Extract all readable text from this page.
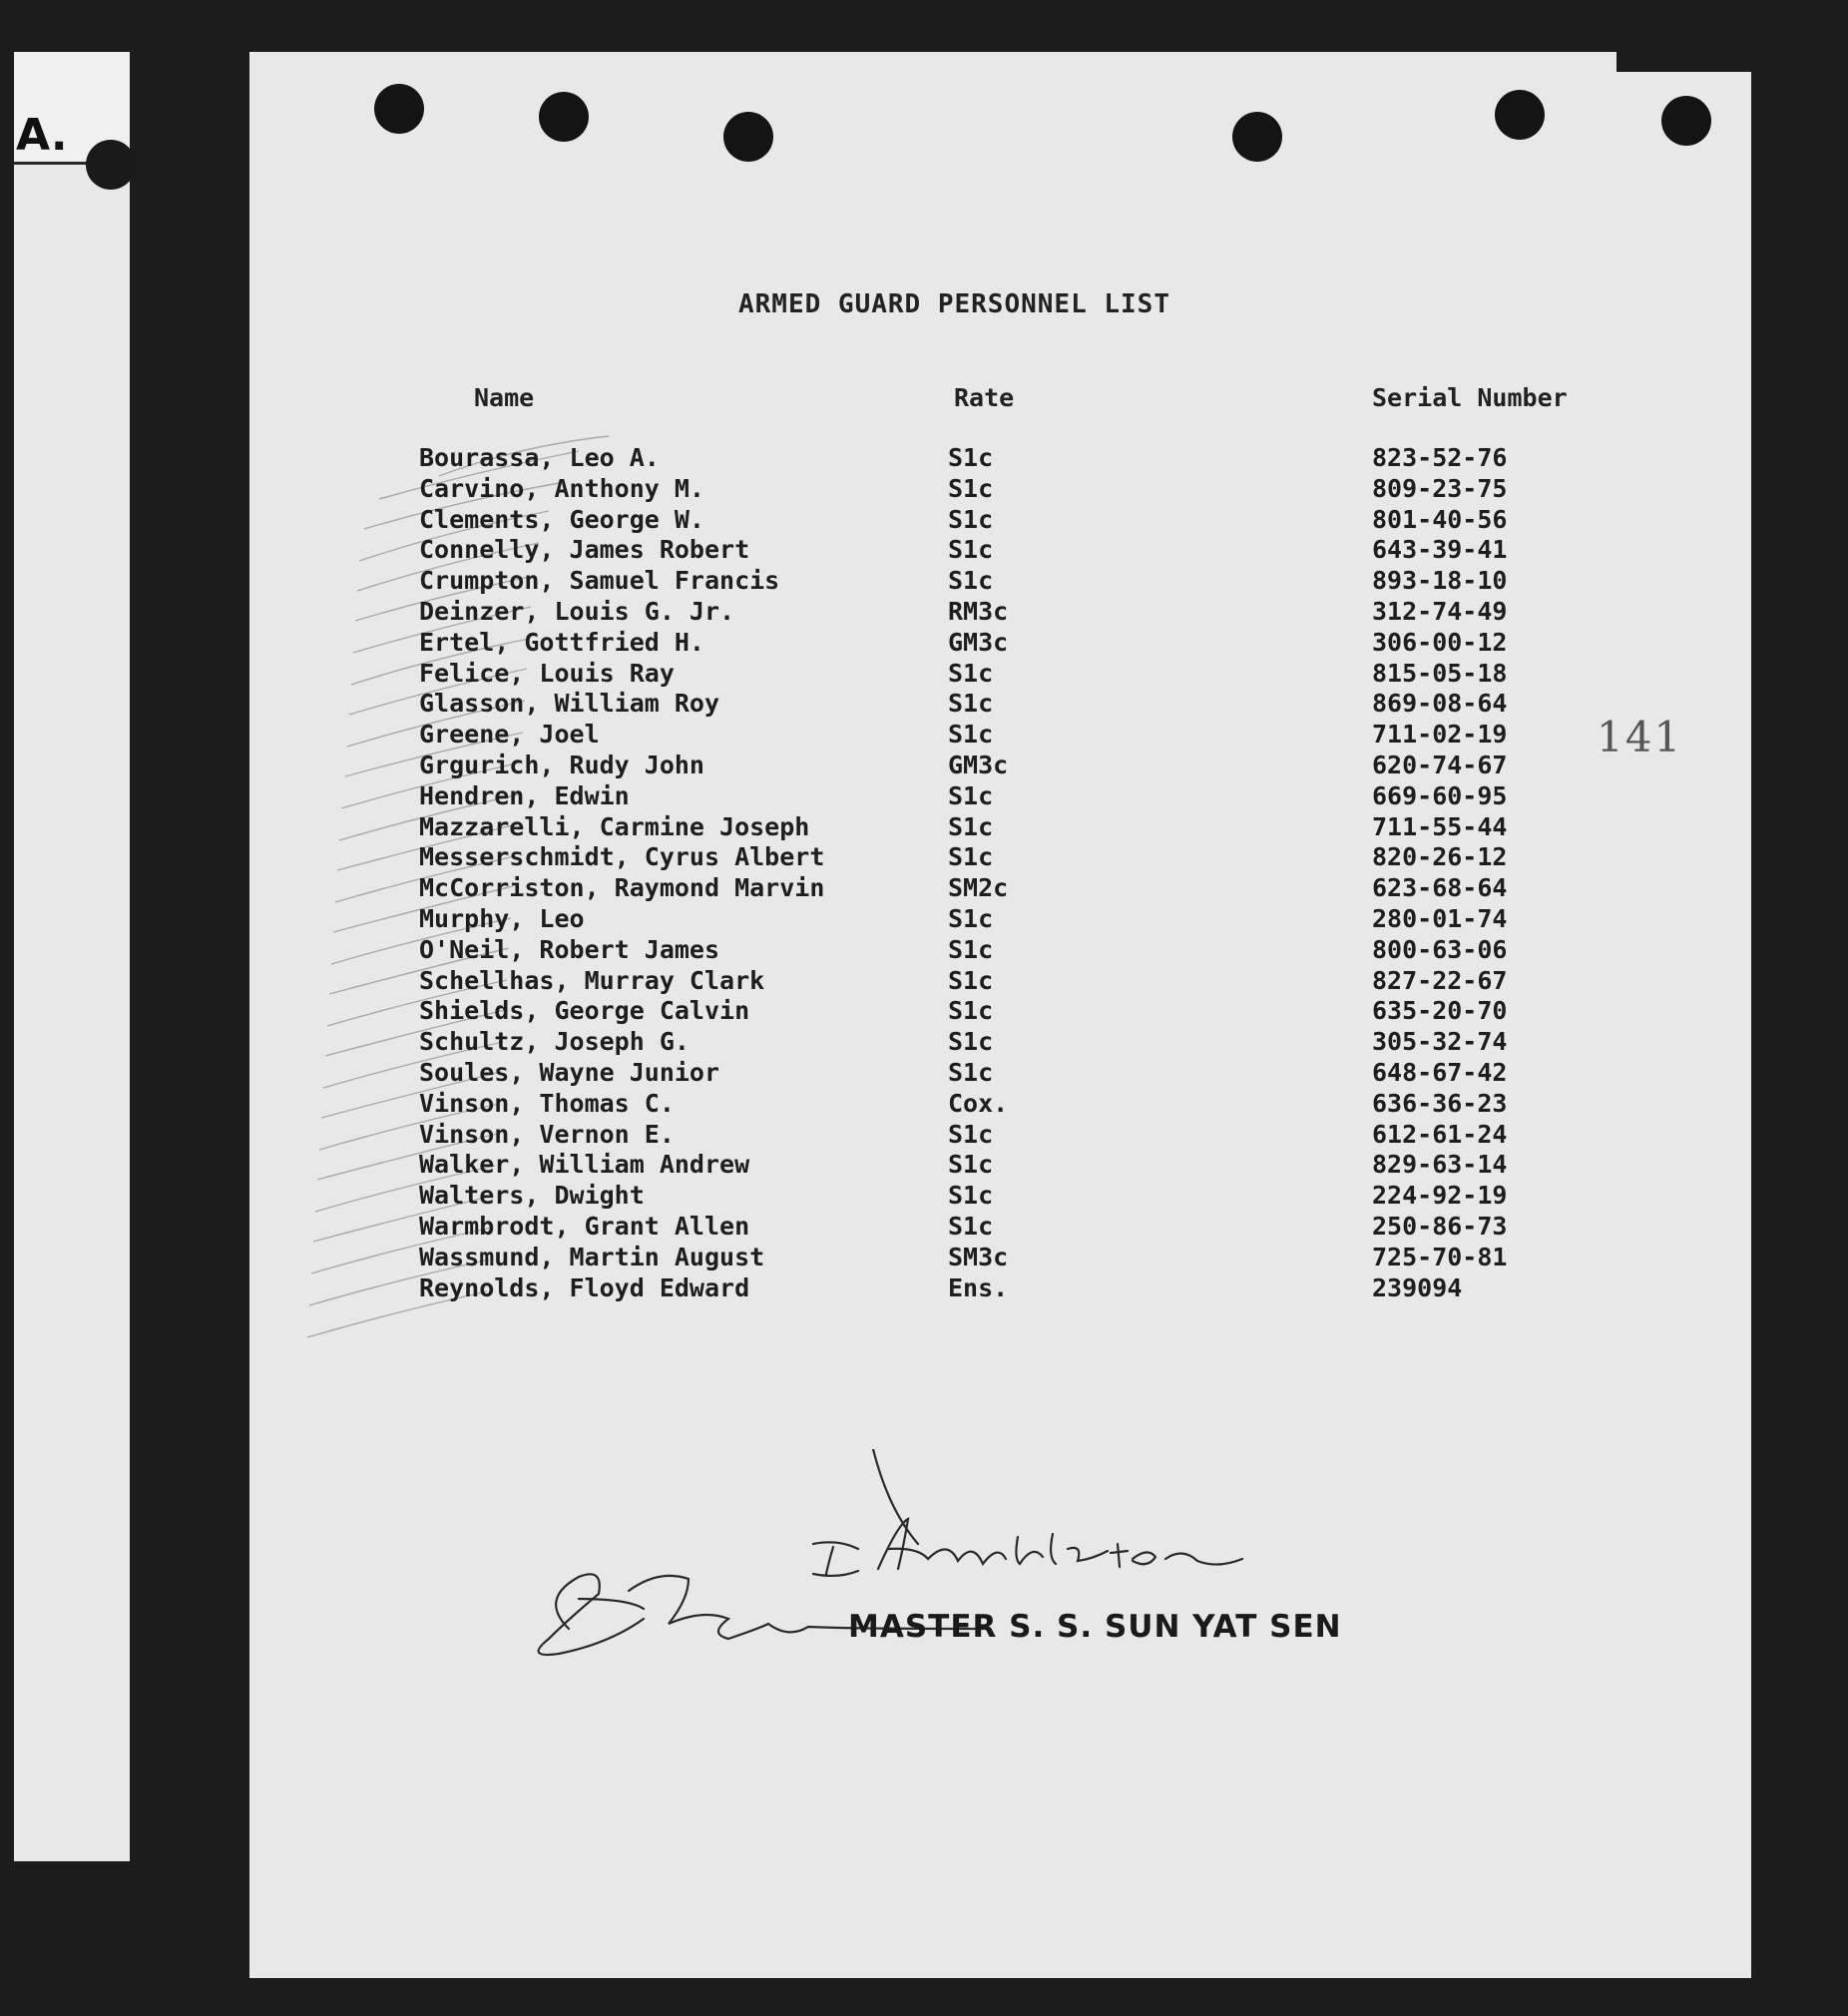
A.
ARMED GUARD PERSONNEL LIST
Name	Rate	Serial Number
Bourassa, Leo A.	S1c	823-52-76
Carvino, Anthony M.	S1c	809-23-75
Clements, George W.	S1c	801-40-56
Connelly, James Robert	S1c	643-39-41
Crumpton, Samuel Francis	S1c	893-18-10
Deinzer, Louis G. Jr.	RM3c	312-74-49
Ertel, Gottfried H.	GM3c	306-00-12
Felice, Louis Ray	S1c	815-05-18
Glasson, William Roy	S1c	869-08-64
Greene, Joel	S1c	711-02-19
Grgurich, Rudy John	GM3c	620-74-67
Hendren, Edwin	S1c	669-60-95
Mazzarelli, Carmine Joseph	S1c	711-55-44
Messerschmidt, Cyrus Albert	S1c	820-26-12
McCorriston, Raymond Marvin	SM2c	623-68-64
Murphy, Leo	S1c	280-01-74
O'Neil, Robert James	S1c	800-63-06
Schellhas, Murray Clark	S1c	827-22-67
Shields, George Calvin	S1c	635-20-70
Schultz, Joseph G.	S1c	305-32-74
Soules, Wayne Junior	S1c	648-67-42
Vinson, Thomas C.	Cox.	636-36-23
Vinson, Vernon E.	S1c	612-61-24
Walker, William Andrew	S1c	829-63-14
Walters, Dwight	S1c	224-92-19
Warmbrodt, Grant Allen	S1c	250-86-73
Wassmund, Martin August	SM3c	725-70-81
Reynolds, Floyd Edward	Ens.	239094
141
MASTER S. S. SUN YAT SEN
